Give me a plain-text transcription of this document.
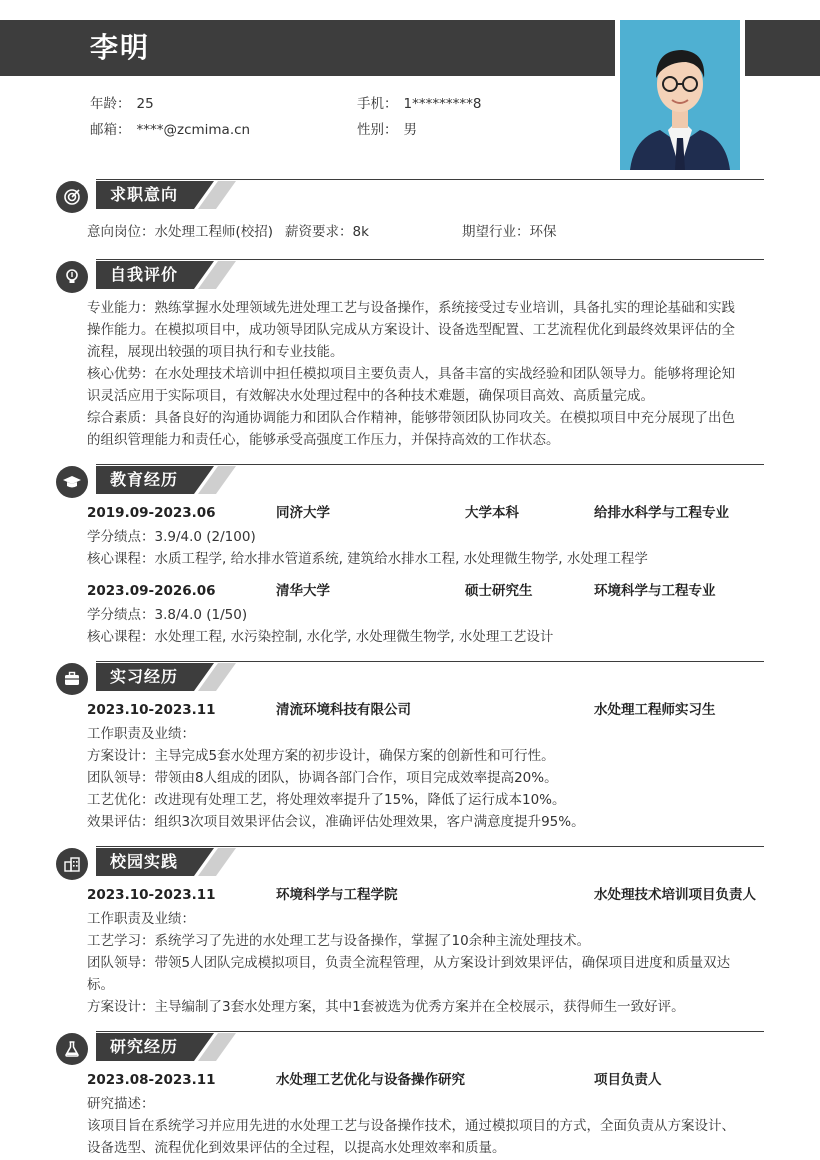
李明
年龄： 25	手机： 1*********8
邮箱： ****@zcmima.cn	性别： 男
求职意向
意向岗位：水处理工程师(校招) 薪资要求：8k	期望行业：环保
自我评价
专业能力：熟练掌握水处理领域先进处理工艺与设备操作，系统接受过专业培训，具备扎实的理论基础和实践
操作能力。在模拟项目中，成功领导团队完成从方案设计、设备选型配置、工艺流程优化到最终效果评估的全
流程，展现出较强的项目执行和专业技能。
核心优势：在水处理技术培训中担任模拟项目主要负责人，具备丰富的实战经验和团队领导力。能够将理论知
识灵活应用于实际项目，有效解决水处理过程中的各种技术难题，确保项目高效、高质量完成。
综合素质：具备良好的沟通协调能力和团队合作精神，能够带领团队协同攻关。在模拟项目中充分展现了出色
的组织管理能力和责任心，能够承受高强度工作压力，并保持高效的工作状态。
教育经历
2019.09-2023.06	同济大学	大学本科	给排水科学与工程专业
学分绩点：3.9/4.0 (2/100)
核心课程：水质工程学, 给水排水管道系统, 建筑给水排水工程, 水处理微生物学, 水处理工程学
2023.09-2026.06	清华大学	硕士研究生	环境科学与工程专业
学分绩点：3.8/4.0 (1/50)
核心课程：水处理工程, 水污染控制, 水化学, 水处理微生物学, 水处理工艺设计
实习经历
2023.10-2023.11	清流环境科技有限公司	水处理工程师实习生
工作职责及业绩：
方案设计：主导完成5套水处理方案的初步设计，确保方案的创新性和可行性。
团队领导：带领由8人组成的团队，协调各部门合作，项目完成效率提高20%。
工艺优化：改进现有处理工艺，将处理效率提升了15%，降低了运行成本10%。
效果评估：组织3次项目效果评估会议，准确评估处理效果，客户满意度提升95%。
校园实践
2023.10-2023.11	环境科学与工程学院	水处理技术培训项目负责人
工作职责及业绩：
工艺学习：系统学习了先进的水处理工艺与设备操作，掌握了10余种主流处理技术。
团队领导：带领5人团队完成模拟项目，负责全流程管理，从方案设计到效果评估，确保项目进度和质量双达
标。
方案设计：主导编制了3套水处理方案，其中1套被选为优秀方案并在全校展示，获得师生一致好评。
研究经历
2023.08-2023.11	水处理工艺优化与设备操作研究	项目负责人
研究描述：
该项目旨在系统学习并应用先进的水处理工艺与设备操作技术，通过模拟项目的方式，全面负责从方案设计、
设备选型、流程优化到效果评估的全过程，以提高水处理效率和质量。
